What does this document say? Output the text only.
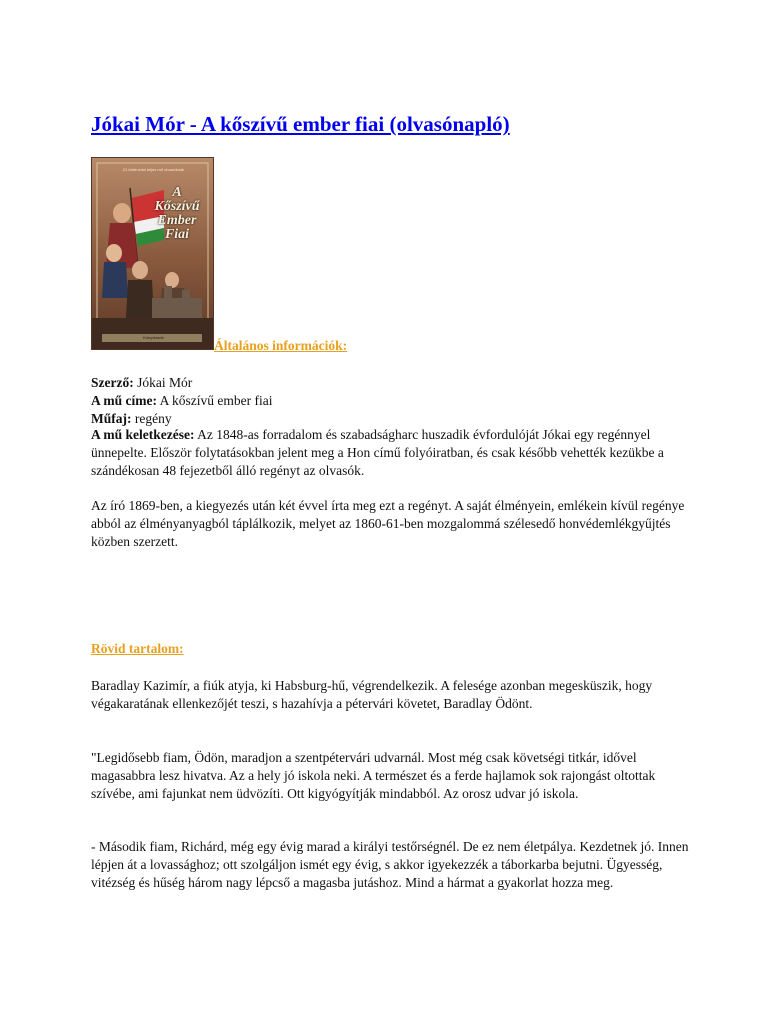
Jókai Mór - A kőszívű ember fiai (olvasónapló)
21 történelmi teljes mű olvasóknak
A
Kőszívű
Ember
Fiai
Könyvkiadó
Általános információk:
Szerző: Jókai Mór
A mű címe: A kőszívű ember fiai
Műfaj: regény

A mű keletkezése: Az 1848-as forradalom és szabadságharc huszadik évfordulóját Jókai egy regénnyel ünnepelte. Először folytatásokban jelent meg a Hon című folyóiratban, és csak később vehették kezükbe a szándékosan 48 fejezetből álló regényt az olvasók.

Az író 1869-ben, a kiegyezés után két évvel írta meg ezt a regényt. A saját élményein, emlékein kívül regénye abból az élményanyagból táplálkozik, melyet az 1860-61-ben mozgalommá szélesedő honvédemlékgyűjtés közben szerzett.

Rövid tartalom:

Baradlay Kazimír, a fiúk atyja, ki Habsburg-hű, végrendelkezik. A felesége azonban megesküszik, hogy végakaratának ellenkezőjét teszi, s hazahívja a pétervári követet, Baradlay Ödönt.

"Legidősebb fiam, Ödön, maradjon a szentpétervári udvarnál. Most még csak követségi titkár, idővel magasabbra lesz hivatva. Az a hely jó iskola neki. A természet és a ferde hajlamok sok rajongást oltottak szívébe, ami fajunkat nem üdvözíti. Ott kigyógyítják mindabból. Az orosz udvar jó iskola.

- Második fiam, Richárd, még egy évig marad a királyi testőrségnél. De ez nem életpálya. Kezdetnek jó. Innen lépjen át a lovassághoz; ott szolgáljon ismét egy évig, s akkor igyekezzék a táborkarba bejutni. Ügyesség, vitézség és hűség három nagy lépcső a magasba jutáshoz. Mind a hármat a gyakorlat hozza meg.
